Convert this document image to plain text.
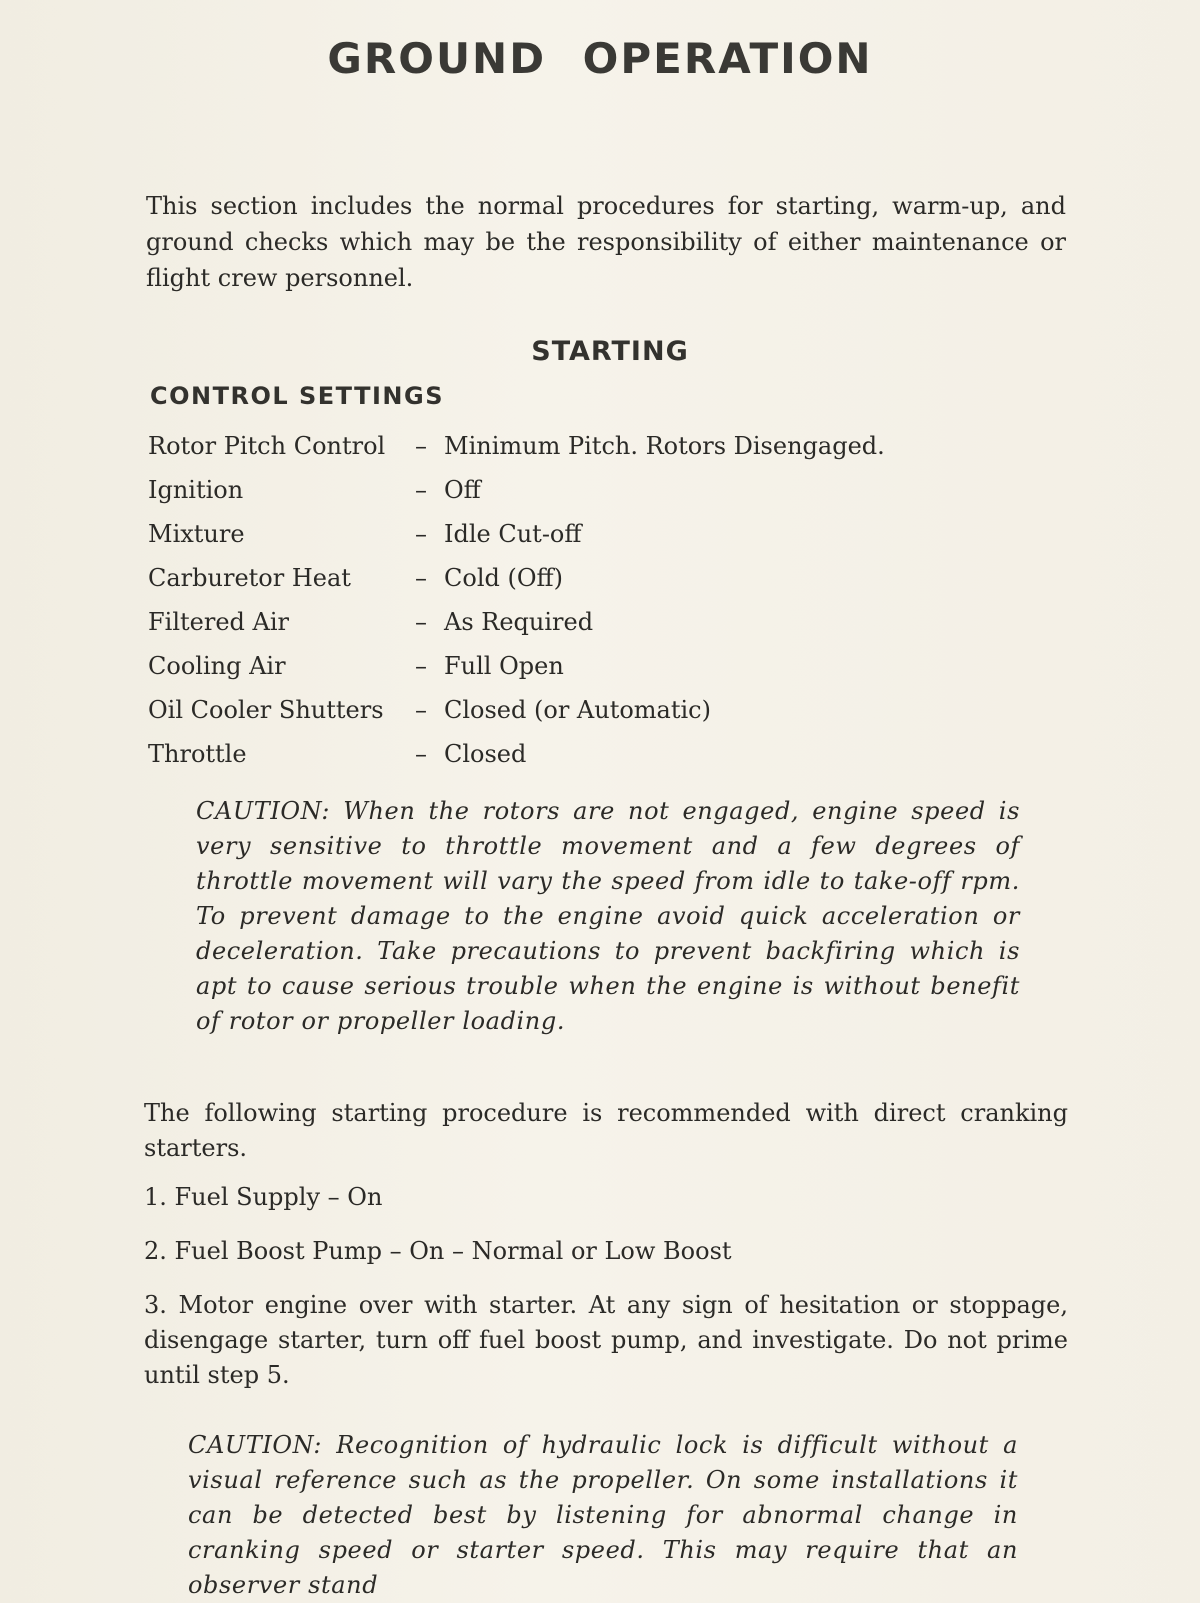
GROUND OPERATION

This section includes the normal procedures for starting, warm-up, and ground checks which may be the responsibility of either maintenance or flight crew personnel.

STARTING
CONTROL SETTINGS
Rotor Pitch Control	– Minimum Pitch. Rotors Disengaged.
Ignition	– Off
Mixture	– Idle Cut-off
Carburetor Heat	– Cold (Off)
Filtered Air	– As Required
Cooling Air	– Full Open
Oil Cooler Shutters	– Closed (or Automatic)
Throttle	– Closed

CAUTION: When the rotors are not engaged, engine speed is very sensitive to throttle movement and a few degrees of throttle movement will vary the speed from idle to take-off rpm. To prevent damage to the engine avoid quick acceleration or deceleration. Take precautions to prevent backfiring which is apt to cause serious trouble when the engine is without benefit of rotor or propeller loading.

The following starting procedure is recommended with direct cranking starters.

1. Fuel Supply – On

2. Fuel Boost Pump – On – Normal or Low Boost

3. Motor engine over with starter. At any sign of hesitation or stoppage, disengage starter, turn off fuel boost pump, and investigate. Do not prime until step 5.

CAUTION: Recognition of hydraulic lock is difficult without a visual reference such as the propeller. On some installations it can be detected best by listening for abnormal change in cranking speed or starter speed. This may require that an observer stand
